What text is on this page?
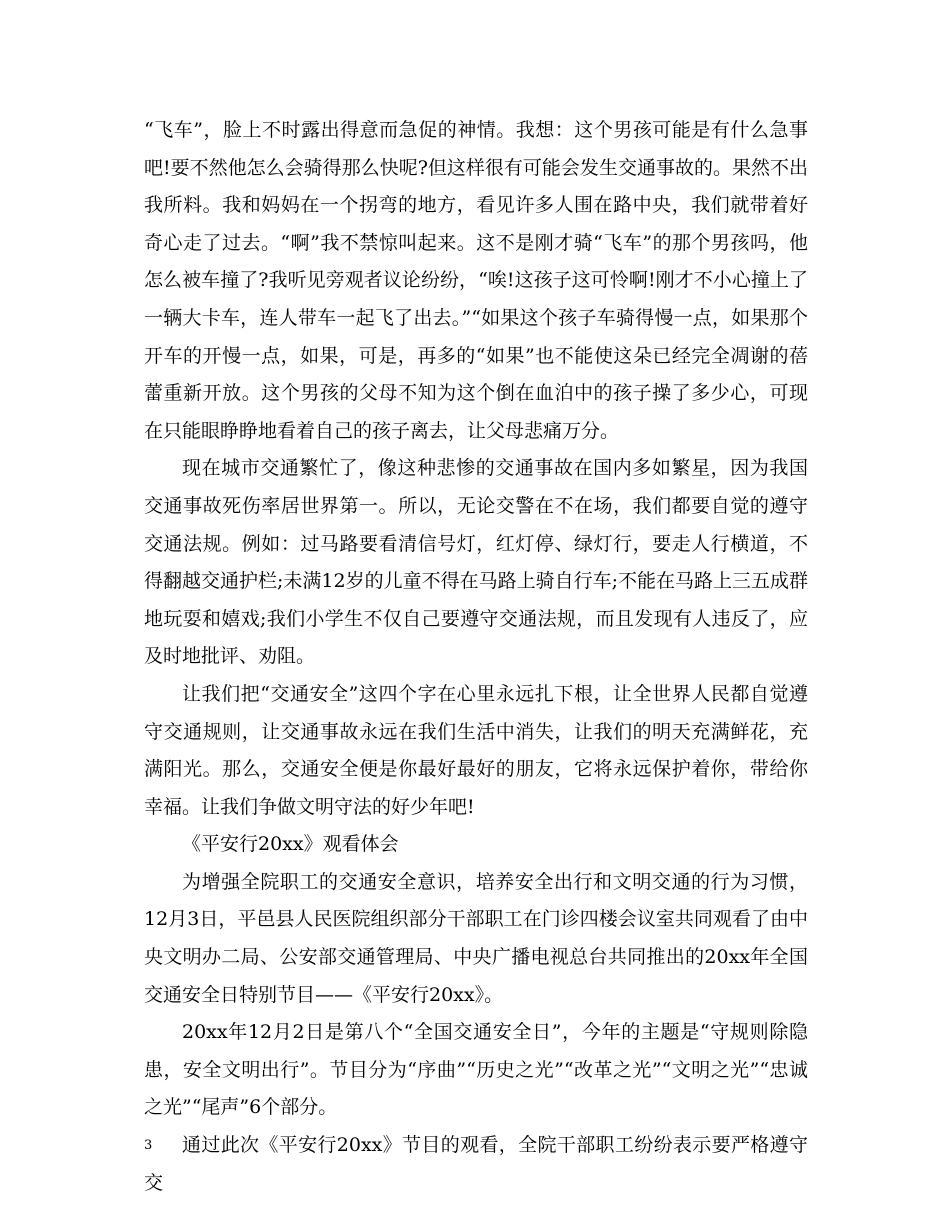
“飞车”，脸上不时露出得意而急促的神情。我想：这个男孩可能是有什么急事吧!要不然他怎么会骑得那么快呢?但这样很有可能会发生交通事故的。果然不出我所料。我和妈妈在一个拐弯的地方，看见许多人围在路中央，我们就带着好奇心走了过去。“啊”我不禁惊叫起来。这不是刚才骑“飞车”的那个男孩吗，他怎么被车撞了?我听见旁观者议论纷纷，“唉!这孩子这可怜啊!刚才不小心撞上了一辆大卡车，连人带车一起飞了出去。”“如果这个孩子车骑得慢一点，如果那个开车的开慢一点，如果，可是，再多的“如果”也不能使这朵已经完全凋谢的蓓蕾重新开放。这个男孩的父母不知为这个倒在血泊中的孩子操了多少心，可现在只能眼睁睁地看着自己的孩子离去，让父母悲痛万分。

现在城市交通繁忙了，像这种悲惨的交通事故在国内多如繁星，因为我国交通事故死伤率居世界第一。所以，无论交警在不在场，我们都要自觉的遵守交通法规。例如：过马路要看清信号灯，红灯停、绿灯行，要走人行横道，不得翻越交通护栏;未满12岁的儿童不得在马路上骑自行车;不能在马路上三五成群地玩耍和嬉戏;我们小学生不仅自己要遵守交通法规，而且发现有人违反了，应及时地批评、劝阻。

让我们把“交通安全”这四个字在心里永远扎下根，让全世界人民都自觉遵守交通规则，让交通事故永远在我们生活中消失，让我们的明天充满鲜花，充满阳光。那么，交通安全便是你最好最好的朋友，它将永远保护着你，带给你幸福。让我们争做文明守法的好少年吧!

《平安行20xx》观看体会

为增强全院职工的交通安全意识，培养安全出行和文明交通的行为习惯，12月3日，平邑县人民医院组织部分干部职工在门诊四楼会议室共同观看了由中央文明办二局、公安部交通管理局、中央广播电视总台共同推出的20xx年全国交通安全日特别节目——《平安行20xx》。

20xx年12月2日是第八个“全国交通安全日”，今年的主题是“守规则除隐患，安全文明出行”。节目分为“序曲”“历史之光”“改革之光”“文明之光”“忠诚之光”“尾声”6个部分。

通过此次《平安行20xx》节目的观看，全院干部职工纷纷表示要严格遵守交

3
